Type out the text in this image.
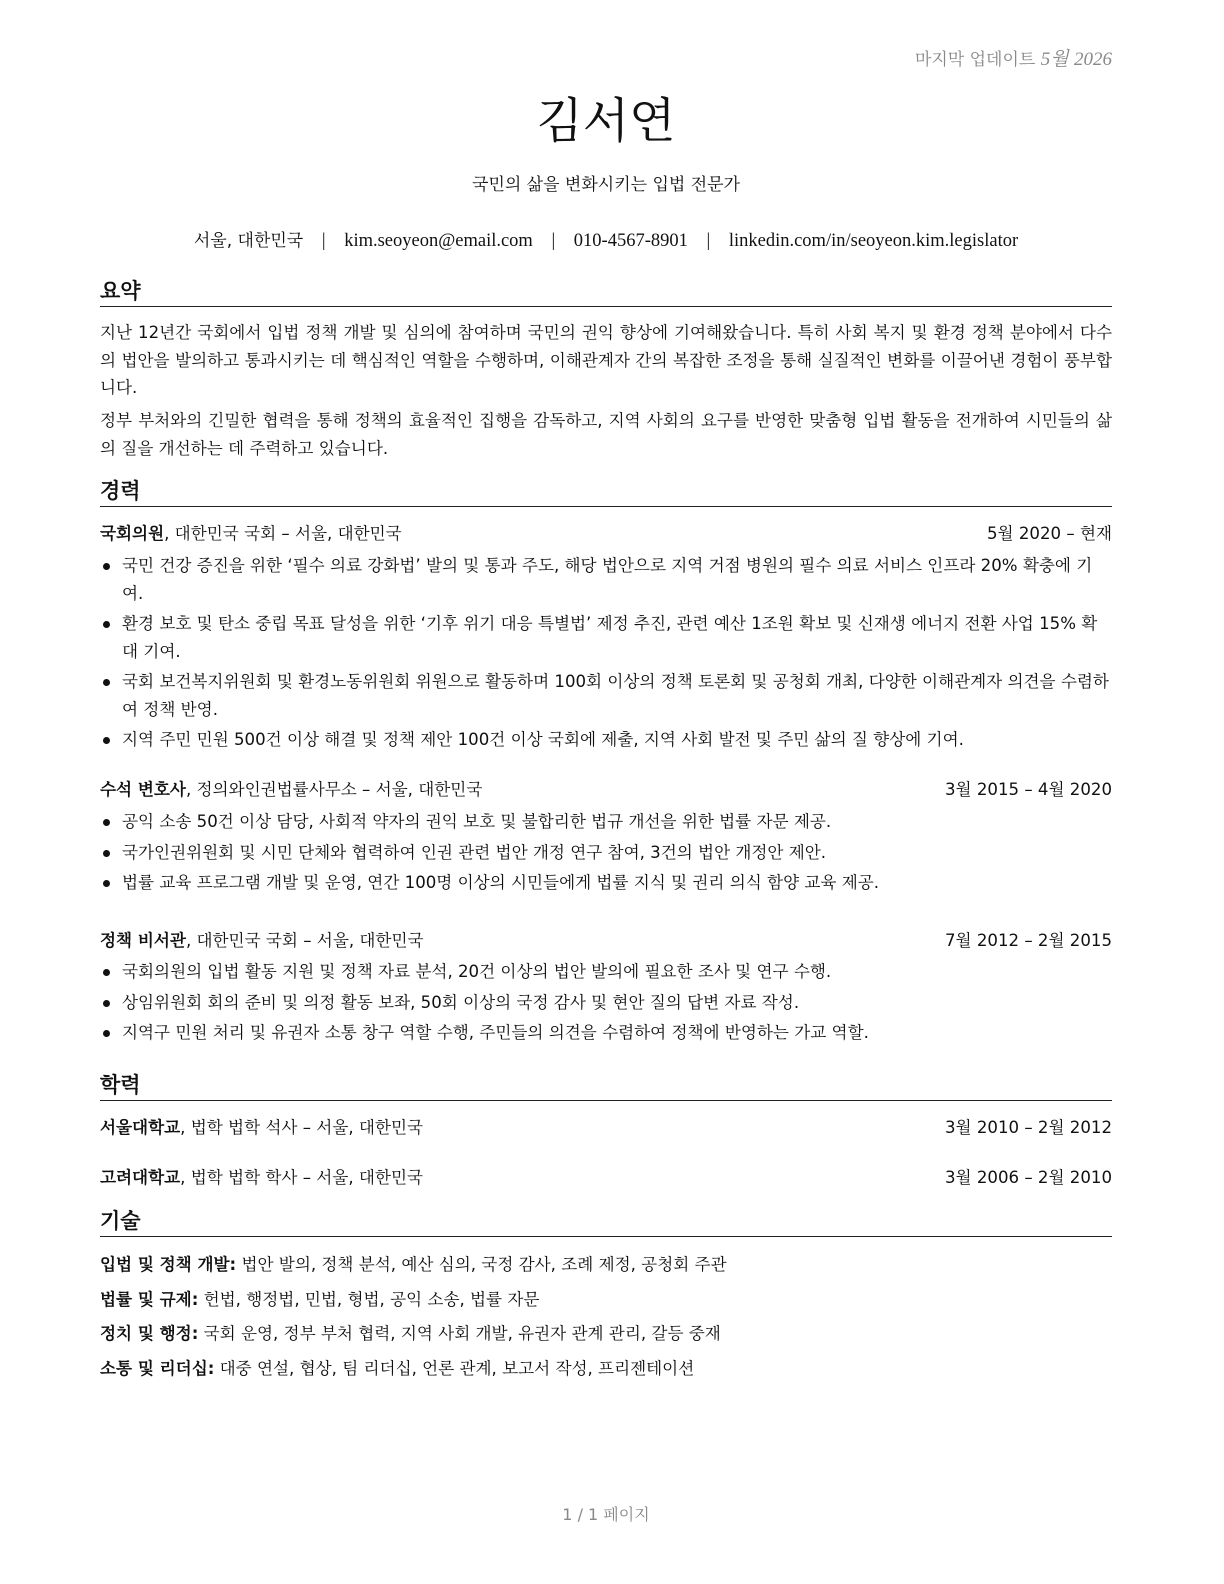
마지막 업데이트 5월 2026
김서연
국민의 삶을 변화시키는 입법 전문가
서울, 대한민국 | kim.seoyeon@email.com | 010-4567-8901 | linkedin.com/in/seoyeon.kim.legislator
요약
지난 12년간 국회에서 입법 정책 개발 및 심의에 참여하며 국민의 권익 향상에 기여해왔습니다. 특히 사회 복지 및 환경 정책 분야에서 다수의 법안을 발의하고 통과시키는 데 핵심적인 역할을 수행하며, 이해관계자 간의 복잡한 조정을 통해 실질적인 변화를 이끌어낸 경험이 풍부합니다.
정부 부처와의 긴밀한 협력을 통해 정책의 효율적인 집행을 감독하고, 지역 사회의 요구를 반영한 맞춤형 입법 활동을 전개하여 시민들의 삶의 질을 개선하는 데 주력하고 있습니다.
경력
국회의원, 대한민국 국회 – 서울, 대한민국	5월 2020 – 현재
국민 건강 증진을 위한 ‘필수 의료 강화법’ 발의 및 통과 주도, 해당 법안으로 지역 거점 병원의 필수 의료 서비스 인프라 20% 확충에 기여.
환경 보호 및 탄소 중립 목표 달성을 위한 ‘기후 위기 대응 특별법’ 제정 추진, 관련 예산 1조원 확보 및 신재생 에너지 전환 사업 15% 확대 기여.
국회 보건복지위원회 및 환경노동위원회 위원으로 활동하며 100회 이상의 정책 토론회 및 공청회 개최, 다양한 이해관계자 의견을 수렴하여 정책 반영.
지역 주민 민원 500건 이상 해결 및 정책 제안 100건 이상 국회에 제출, 지역 사회 발전 및 주민 삶의 질 향상에 기여.
수석 변호사, 정의와인권법률사무소 – 서울, 대한민국	3월 2015 – 4월 2020
공익 소송 50건 이상 담당, 사회적 약자의 권익 보호 및 불합리한 법규 개선을 위한 법률 자문 제공.
국가인권위원회 및 시민 단체와 협력하여 인권 관련 법안 개정 연구 참여, 3건의 법안 개정안 제안.
법률 교육 프로그램 개발 및 운영, 연간 100명 이상의 시민들에게 법률 지식 및 권리 의식 함양 교육 제공.
정책 비서관, 대한민국 국회 – 서울, 대한민국	7월 2012 – 2월 2015
국회의원의 입법 활동 지원 및 정책 자료 분석, 20건 이상의 법안 발의에 필요한 조사 및 연구 수행.
상임위원회 회의 준비 및 의정 활동 보좌, 50회 이상의 국정 감사 및 현안 질의 답변 자료 작성.
지역구 민원 처리 및 유권자 소통 창구 역할 수행, 주민들의 의견을 수렴하여 정책에 반영하는 가교 역할.
학력
서울대학교, 법학 법학 석사 – 서울, 대한민국	3월 2010 – 2월 2012
고려대학교, 법학 법학 학사 – 서울, 대한민국	3월 2006 – 2월 2010
기술
입법 및 정책 개발: 법안 발의, 정책 분석, 예산 심의, 국정 감사, 조례 제정, 공청회 주관
법률 및 규제: 헌법, 행정법, 민법, 형법, 공익 소송, 법률 자문
정치 및 행정: 국회 운영, 정부 부처 협력, 지역 사회 개발, 유권자 관계 관리, 갈등 중재
소통 및 리더십: 대중 연설, 협상, 팀 리더십, 언론 관계, 보고서 작성, 프리젠테이션
1 / 1 페이지
